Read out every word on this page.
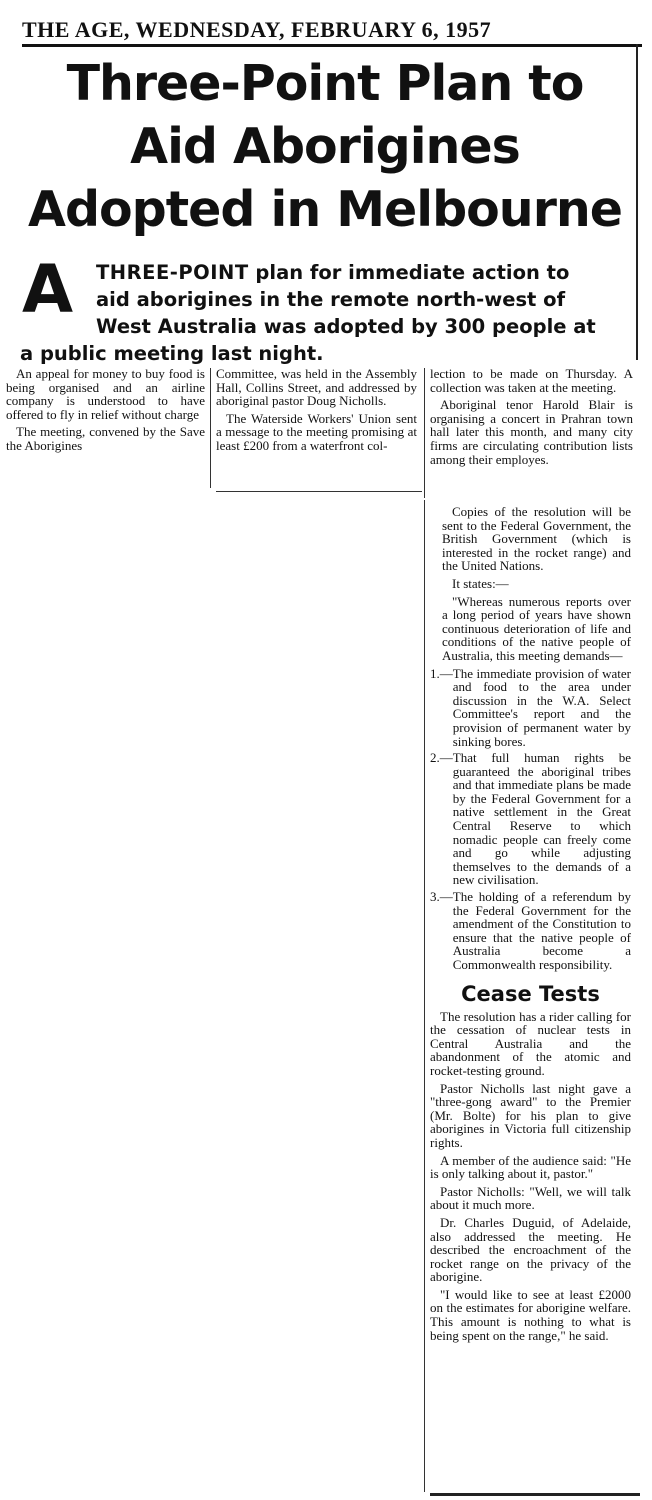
THE AGE, WEDNESDAY, FEBRUARY 6, 1957
Three-Point Plan to
Aid Aborigines
Adopted in Melbourne
A THREE-POINT plan for immediate action to
aid aborigines in the remote north-west of
West Australia was adopted by 300 people at
a public meeting last night.

An appeal for money to buy food is being organised and an airline company is understood to have offered to fly in relief without charge

The meeting, convened by the Save the Aborigines

Committee, was held in the Assembly Hall, Collins Street, and addressed by aboriginal pastor Doug Nicholls.

The Waterside Workers' Union sent a message to the meeting promising at least £200 from a waterfront col-

lection to be made on Thursday. A collection was taken at the meeting.

Aboriginal tenor Harold Blair is organising a concert in Prahran town hall later this month, and many city firms are circulating contribution lists among their employes.

Copies of the resolution will be sent to the Federal Government, the British Government (which is interested in the rocket range) and the United Nations.

It states:—

"Whereas numerous reports over a long period of years have shown continuous deterioration of life and conditions of the native people of Australia, this meeting demands—

1.— The immediate provision of water and food to the area under discussion in the W.A. Select Committee's report and the provision of permanent water by sinking bores.
2.— That full human rights be guaranteed the aboriginal tribes and that immediate plans be made by the Federal Government for a native settlement in the Great Central Reserve to which nomadic people can freely come and go while adjusting themselves to the demands of a new civilisation.
3.— The holding of a referendum by the Federal Government for the amendment of the Constitution to ensure that the native people of Australia become a Commonwealth responsibility.
Cease Tests

The resolution has a rider calling for the cessation of nuclear tests in Central Australia and the abandonment of the atomic and rocket-testing ground.

Pastor Nicholls last night gave a "three-gong award" to the Premier (Mr. Bolte) for his plan to give aborigines in Victoria full citizenship rights.

A member of the audience said: "He is only talking about it, pastor."

Pastor Nicholls: "Well, we will talk about it much more.

Dr. Charles Duguid, of Adelaide, also addressed the meeting. He described the encroachment of the rocket range on the privacy of the aborigine.

"I would like to see at least £2000 on the estimates for aborigine welfare. This amount is nothing to what is being spent on the range," he said.
